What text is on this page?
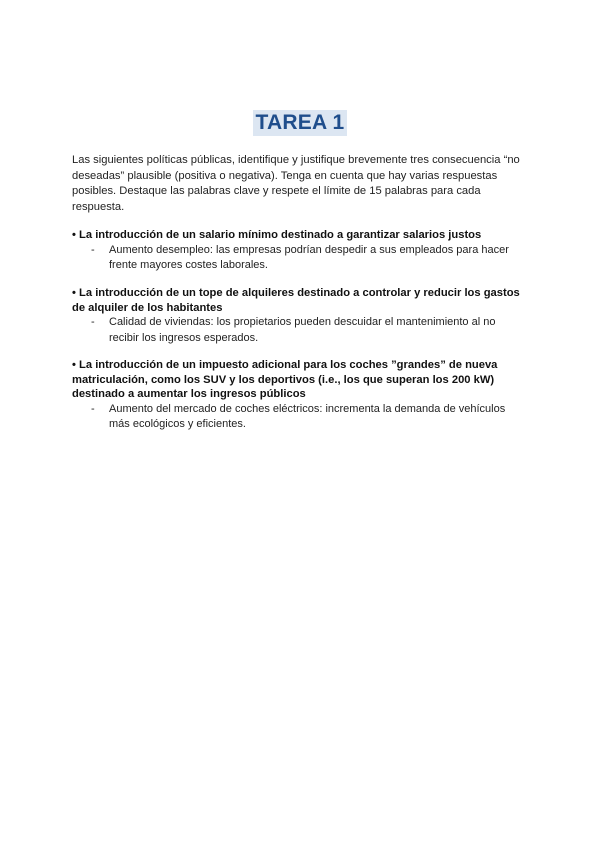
TAREA 1
Las siguientes políticas públicas, identifique y justifique brevemente tres consecuencia “no deseadas” plausible (positiva o negativa). Tenga en cuenta que hay varias respuestas posibles. Destaque las palabras clave y respete el límite de 15 palabras para cada respuesta.
• La introducción de un salario mínimo destinado a garantizar salarios justos
- Aumento desempleo: las empresas podrían despedir a sus empleados para hacer frente mayores costes laborales.
• La introducción de un tope de alquileres destinado a controlar y reducir los gastos de alquiler de los habitantes
- Calidad de viviendas: los propietarios pueden descuidar el mantenimiento al no recibir los ingresos esperados.
• La introducción de un impuesto adicional para los coches ”grandes” de nueva matriculación, como los SUV y los deportivos (i.e., los que superan los 200 kW) destinado a aumentar los ingresos públicos
- Aumento del mercado de coches eléctricos: incrementa la demanda de vehículos más ecológicos y eficientes.
